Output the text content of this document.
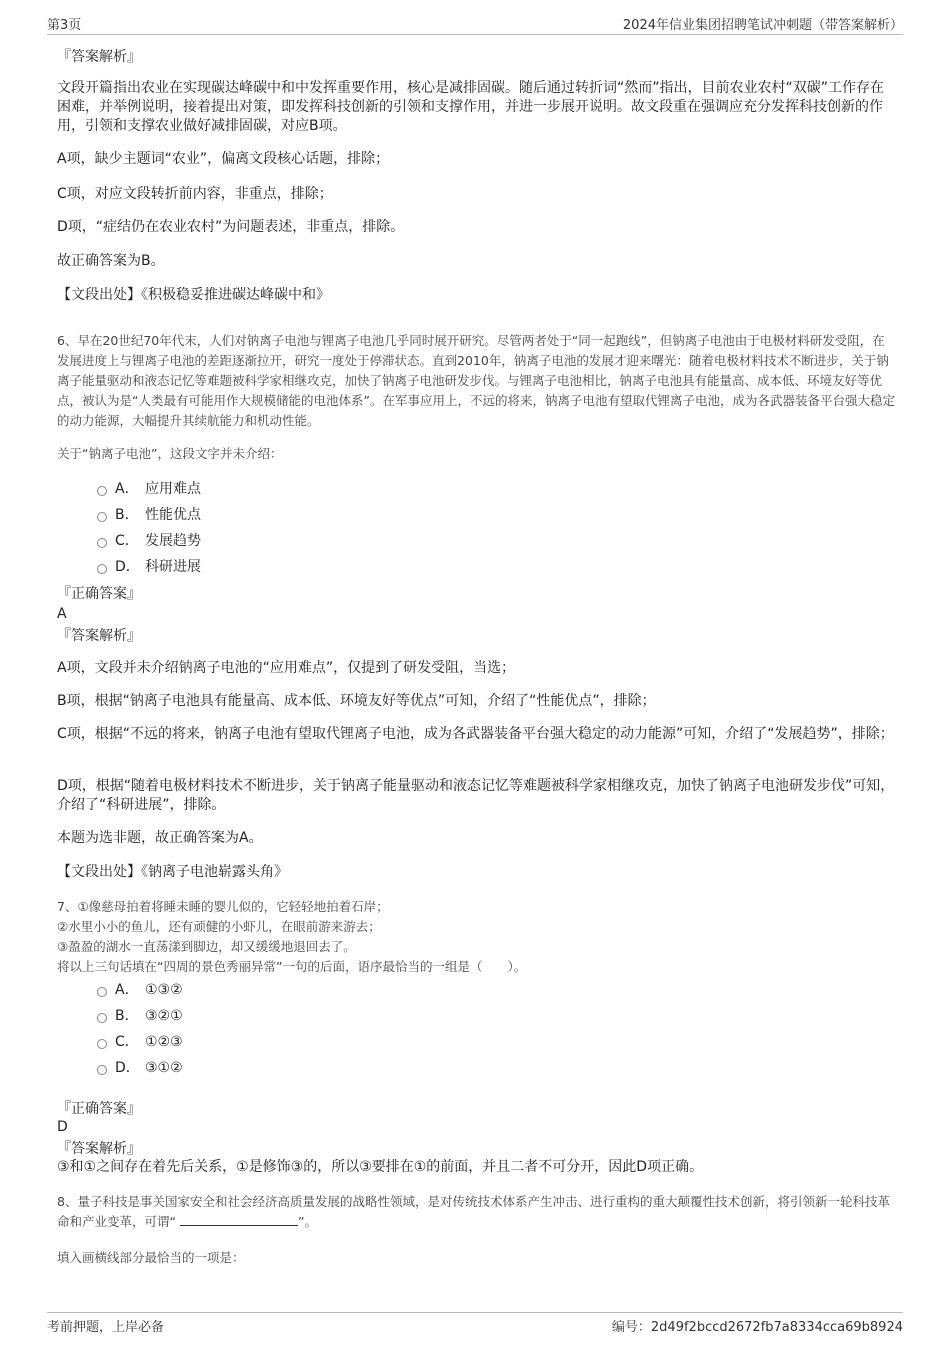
第3页	2024年信业集团招聘笔试冲刺题（带答案解析）

『答案解析』

文段开篇指出农业在实现碳达峰碳中和中发挥重要作用，核心是减排固碳。随后通过转折词“然而”指出，目前农业农村“双碳”工作存在困难，并举例说明，接着提出对策，即发挥科技创新的引领和支撑作用，并进一步展开说明。故文段重在强调应充分发挥科技创新的作用，引领和支撑农业做好减排固碳，对应B项。

A项，缺少主题词“农业”，偏离文段核心话题，排除；

C项，对应文段转折前内容，非重点，排除；

D项，“症结仍在农业农村”为问题表述，非重点，排除。

故正确答案为B。

【文段出处】《积极稳妥推进碳达峰碳中和》

6、早在20世纪70年代末，人们对钠离子电池与锂离子电池几乎同时展开研究。尽管两者处于“同一起跑线”，但钠离子电池由于电极材料研发受阻，在发展进度上与锂离子电池的差距逐渐拉开，研究一度处于停滞状态。直到2010年，钠离子电池的发展才迎来曙光：随着电极材料技术不断进步，关于钠离子能量驱动和液态记忆等难题被科学家相继攻克，加快了钠离子电池研发步伐。与锂离子电池相比，钠离子电池具有能量高、成本低、环境友好等优点，被认为是“人类最有可能用作大规模储能的电池体系”。在军事应用上，不远的将来，钠离子电池有望取代锂离子电池，成为各武器装备平台强大稳定的动力能源，大幅提升其续航能力和机动性能。

关于“钠离子电池”，这段文字并未介绍：

A． 应用难点
B． 性能优点
C． 发展趋势
D． 科研进展

『正确答案』

A

『答案解析』

A项，文段并未介绍钠离子电池的“应用难点”，仅提到了研发受阻，当选；

B项，根据“钠离子电池具有能量高、成本低、环境友好等优点”可知，介绍了“性能优点”，排除；

C项，根据“不远的将来，钠离子电池有望取代锂离子电池，成为各武器装备平台强大稳定的动力能源”可知，介绍了“发展趋势”，排除；

D项，根据“随着电极材料技术不断进步，关于钠离子能量驱动和液态记忆等难题被科学家相继攻克，加快了钠离子电池研发步伐”可知，介绍了“科研进展”，排除。

本题为选非题，故正确答案为A。

【文段出处】《钠离子电池崭露头角》

7、①像慈母拍着将睡未睡的婴儿似的，它轻轻地拍着石岸；

②水里小小的鱼儿，还有顽健的小虾儿，在眼前游来游去；

③盈盈的湖水一直荡漾到脚边，却又缓缓地退回去了。

将以上三句话填在“四周的景色秀丽异常”一句的后面，语序最恰当的一组是（　　）。

A． ①③②
B． ③②①
C． ①②③
D． ③①②

『正确答案』

D

『答案解析』

③和①之间存在着先后关系，①是修饰③的，所以③要排在①的前面，并且二者不可分开，因此D项正确。

8、量子科技是事关国家安全和社会经济高质量发展的战略性领域，是对传统技术体系产生冲击、进行重构的重大颠覆性技术创新，将引领新一轮科技革命和产业变革，可谓“	”。

填入画横线部分最恰当的一项是：

考前押题，上岸必备	编号：2d49f2bccd2672fb7a8334cca69b8924
